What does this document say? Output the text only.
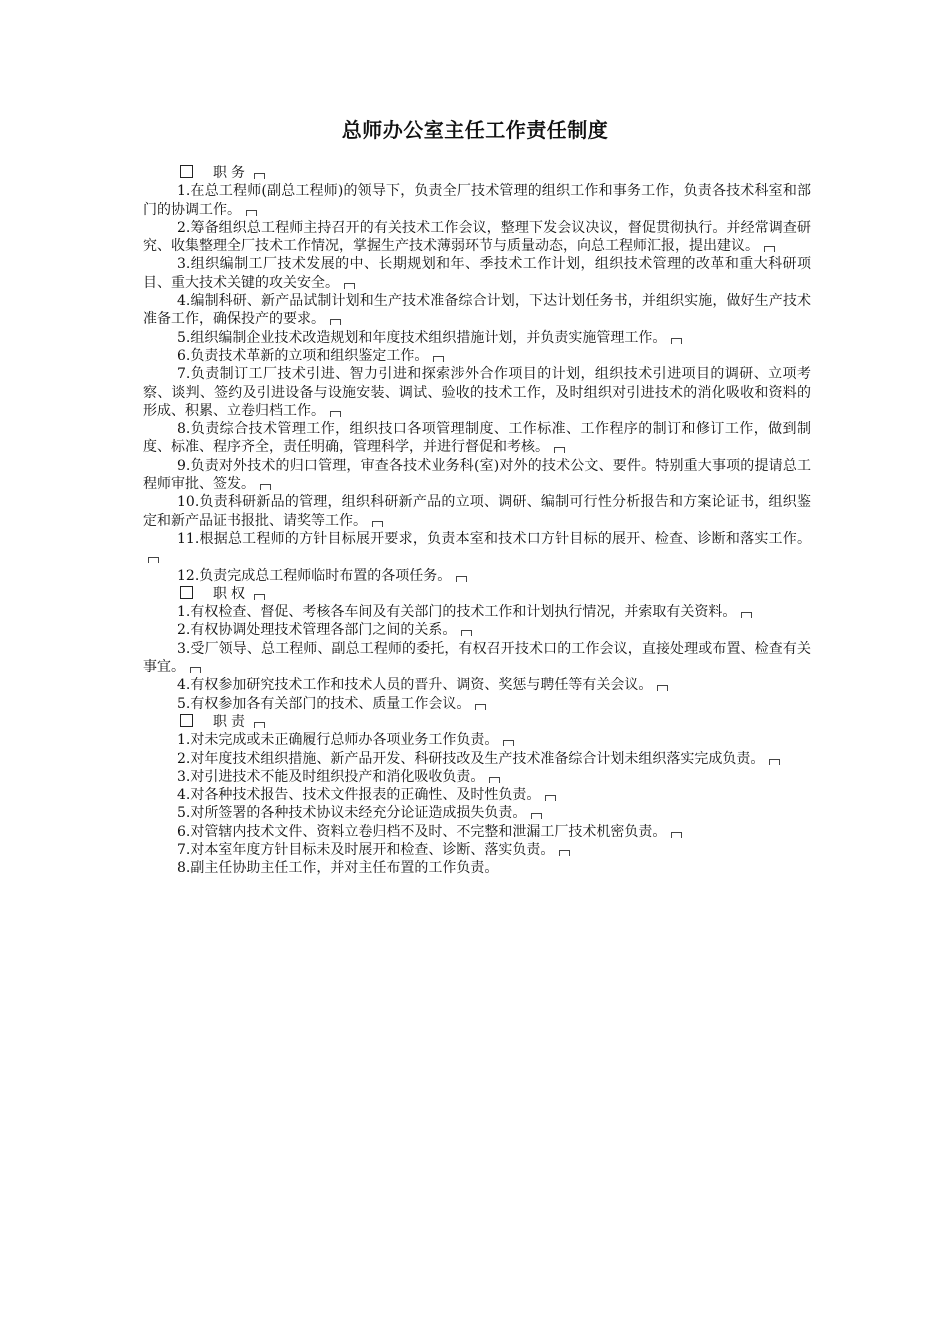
总师办公室主任工作责任制度

职务

1.在总工程师(副总工程师)的领导下，负责全厂技术管理的组织工作和事务工作，负责各技术科室和部门的协调工作。

2.筹备组织总工程师主持召开的有关技术工作会议，整理下发会议决议，督促贯彻执行。并经常调查研究、收集整理全厂技术工作情况，掌握生产技术薄弱环节与质量动态，向总工程师汇报，提出建议。

3.组织编制工厂技术发展的中、长期规划和年、季技术工作计划，组织技术管理的改革和重大科研项目、重大技术关键的攻关安全。

4.编制科研、新产品试制计划和生产技术准备综合计划，下达计划任务书，并组织实施，做好生产技术准备工作，确保投产的要求。

5.组织编制企业技术改造规划和年度技术组织措施计划，并负责实施管理工作。

6.负责技术革新的立项和组织鉴定工作。

7.负责制订工厂技术引进、智力引进和探索涉外合作项目的计划，组织技术引进项目的调研、立项考察、谈判、签约及引进设备与设施安装、调试、验收的技术工作，及时组织对引进技术的消化吸收和资料的形成、积累、立卷归档工作。

8.负责综合技术管理工作，组织技口各项管理制度、工作标准、工作程序的制订和修订工作，做到制度、标准、程序齐全，责任明确，管理科学，并进行督促和考核。

9.负责对外技术的归口管理，审查各技术业务科(室)对外的技术公文、要件。特别重大事项的提请总工程师审批、签发。

10.负责科研新品的管理，组织科研新产品的立项、调研、编制可行性分析报告和方案论证书，组织鉴定和新产品证书报批、请奖等工作。

11.根据总工程师的方针目标展开要求，负责本室和技术口方针目标的展开、检查、诊断和落实工作。

12.负责完成总工程师临时布置的各项任务。

职权

1.有权检查、督促、考核各车间及有关部门的技术工作和计划执行情况，并索取有关资料。

2.有权协调处理技术管理各部门之间的关系。

3.受厂领导、总工程师、副总工程师的委托，有权召开技术口的工作会议，直接处理或布置、检查有关事宜。

4.有权参加研究技术工作和技术人员的晋升、调资、奖惩与聘任等有关会议。

5.有权参加各有关部门的技术、质量工作会议。

职责

1.对未完成或未正确履行总师办各项业务工作负责。

2.对年度技术组织措施、新产品开发、科研技改及生产技术准备综合计划未组织落实完成负责。

3.对引进技术不能及时组织投产和消化吸收负责。

4.对各种技术报告、技术文件报表的正确性、及时性负责。

5.对所签署的各种技术协议未经充分论证造成损失负责。

6.对管辖内技术文件、资料立卷归档不及时、不完整和泄漏工厂技术机密负责。

7.对本室年度方针目标未及时展开和检查、诊断、落实负责。

8.副主任协助主任工作，并对主任布置的工作负责。
